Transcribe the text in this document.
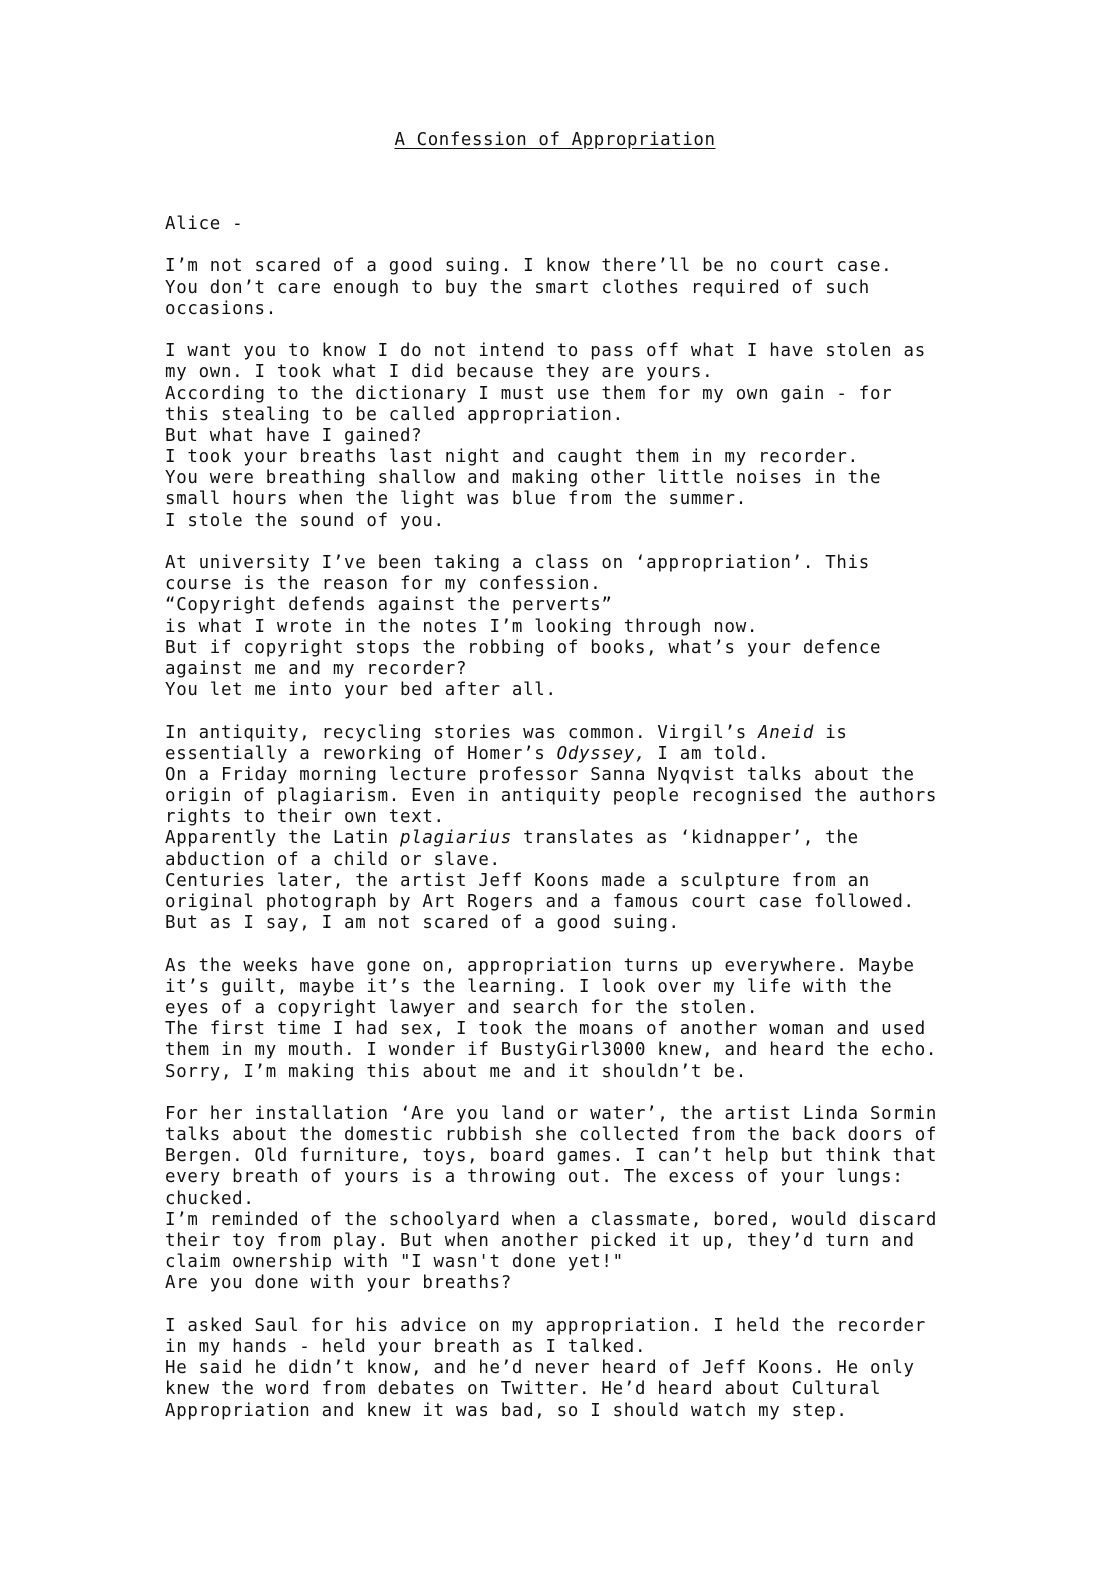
A Confession of Appropriation
Alice -
I’m not scared of a good suing. I know there’ll be no court case.
You don’t care enough to buy the smart clothes required of such
occasions.
I want you to know I do not intend to pass off what I have stolen as
my own. I took what I did because they are yours.
According to the dictionary I must use them for my own gain - for
this stealing to be called appropriation.
But what have I gained?
I took your breaths last night and caught them in my recorder.
You were breathing shallow and making other little noises in the
small hours when the light was blue from the summer.
I stole the sound of you.
At university I’ve been taking a class on ‘appropriation’. This
course is the reason for my confession.
“Copyright defends against the perverts”
is what I wrote in the notes I’m looking through now.
But if copyright stops the robbing of books, what’s your defence
against me and my recorder?
You let me into your bed after all.
In antiquity, recycling stories was common. Virgil’s Aneid is
essentially a reworking of Homer’s Odyssey, I am told.
On a Friday morning lecture professor Sanna Nyqvist talks about the
origin of plagiarism. Even in antiquity people recognised the authors
rights to their own text.
Apparently the Latin plagiarius translates as ‘kidnapper’, the
abduction of a child or slave.
Centuries later, the artist Jeff Koons made a sculpture from an
original photograph by Art Rogers and a famous court case followed.
But as I say, I am not scared of a good suing.
As the weeks have gone on, appropriation turns up everywhere. Maybe
it’s guilt, maybe it’s the learning. I look over my life with the
eyes of a copyright lawyer and search for the stolen.
The first time I had sex, I took the moans of another woman and used
them in my mouth. I wonder if BustyGirl3000 knew, and heard the echo.
Sorry, I’m making this about me and it shouldn’t be.
For her installation ‘Are you land or water’, the artist Linda Sormin
talks about the domestic rubbish she collected from the back doors of
Bergen. Old furniture, toys, board games. I can’t help but think that
every breath of yours is a throwing out. The excess of your lungs:
chucked.
I’m reminded of the schoolyard when a classmate, bored, would discard
their toy from play. But when another picked it up, they’d turn and
claim ownership with "I wasn't done yet!"
Are you done with your breaths?
I asked Saul for his advice on my appropriation. I held the recorder
in my hands - held your breath as I talked.
He said he didn’t know, and he’d never heard of Jeff Koons. He only
knew the word from debates on Twitter. He’d heard about Cultural
Appropriation and knew it was bad, so I should watch my step.
